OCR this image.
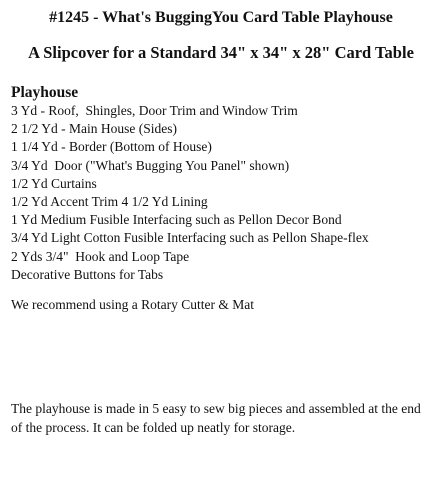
#1245 - What's BuggingYou Card Table Playhouse
A Slipcover for a Standard 34" x 34" x 28" Card Table
Playhouse
3 Yd - Roof,  Shingles, Door Trim and Window Trim
2 1/2 Yd - Main House (Sides)
1 1/4 Yd - Border (Bottom of House)
3/4 Yd  Door ("What's Bugging You Panel" shown)
1/2 Yd Curtains
1/2 Yd Accent Trim 4 1/2 Yd Lining
1 Yd Medium Fusible Interfacing such as Pellon Decor Bond
3/4 Yd Light Cotton Fusible Interfacing such as Pellon Shape-flex
2 Yds 3/4"  Hook and Loop Tape
Decorative Buttons for Tabs
We recommend using a Rotary Cutter & Mat

The playhouse is made in 5 easy to sew big pieces and assembled at the end of the process. It can be folded up neatly for storage.
